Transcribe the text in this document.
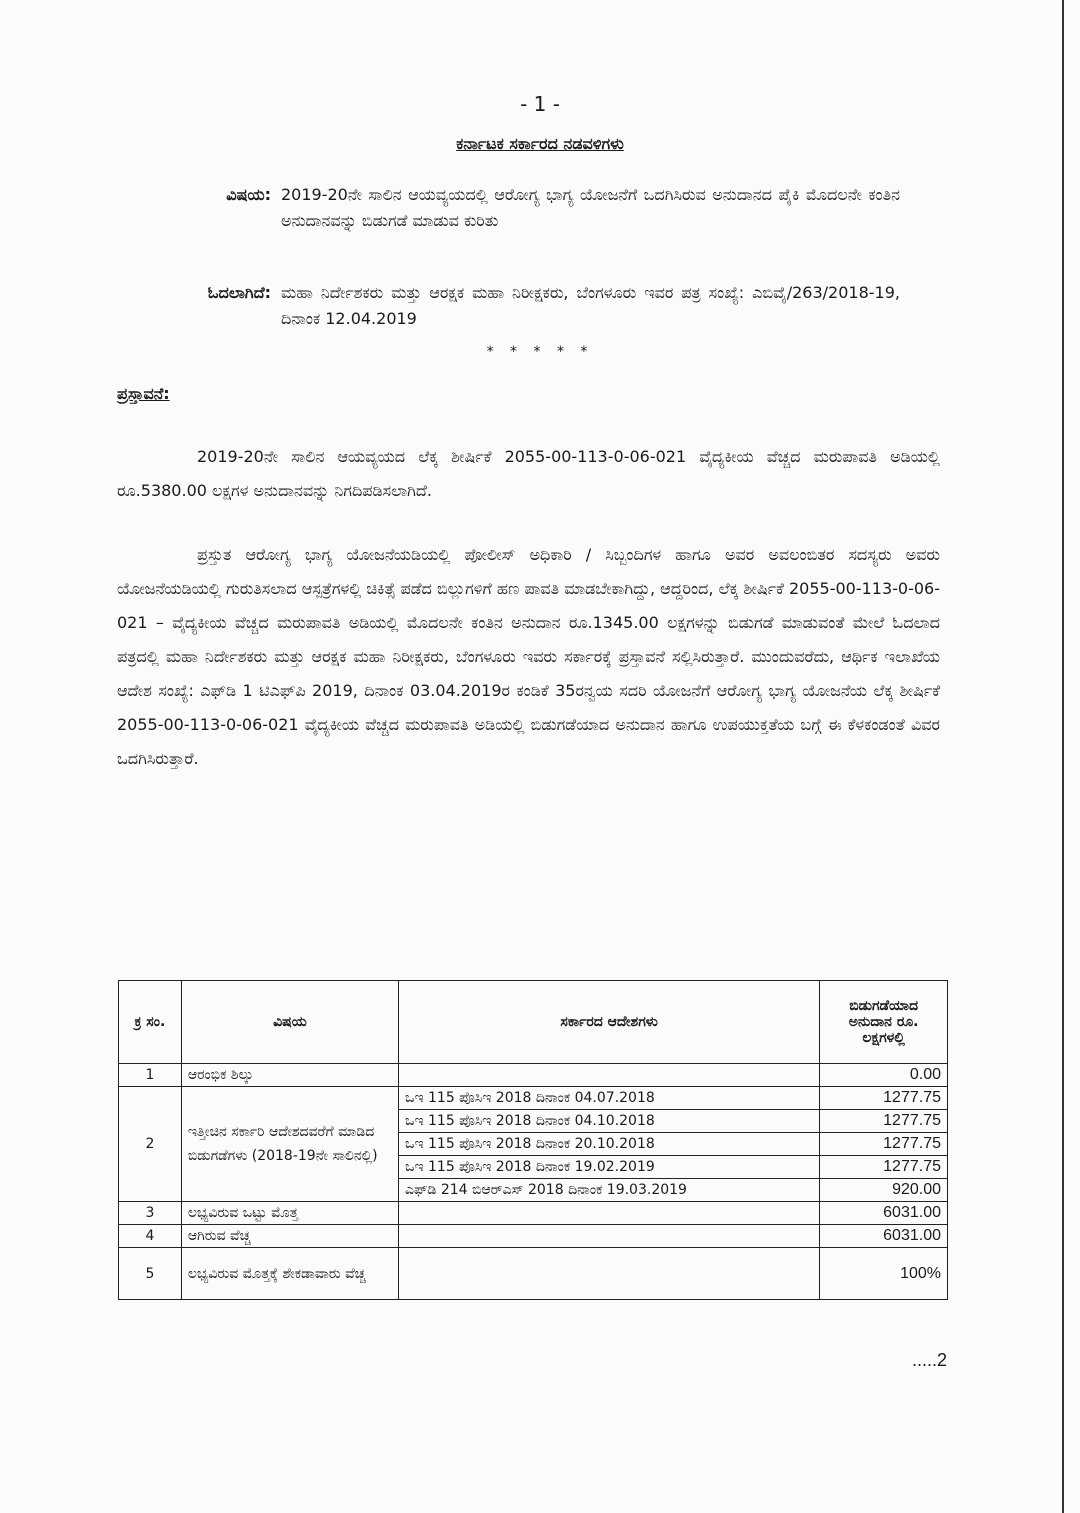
- 1 -
ಕರ್ನಾಟಕ ಸರ್ಕಾರದ ನಡವಳಿಗಳು
ವಿಷಯ: 2019-20ನೇ ಸಾಲಿನ ಆಯವ್ಯಯದಲ್ಲಿ ಆರೋಗ್ಯ ಭಾಗ್ಯ ಯೋಜನೆಗೆ ಒದಗಿಸಿರುವ ಅನುದಾನದ ಪೈಕಿ ಮೊದಲನೇ ಕಂತಿನ ಅನುದಾನವನ್ನು ಬಿಡುಗಡೆ ಮಾಡುವ ಕುರಿತು
ಓದಲಾಗಿದೆ: ಮಹಾ ನಿರ್ದೇಶಕರು ಮತ್ತು ಆರಕ್ಷಕ ಮಹಾ ನಿರೀಕ್ಷಕರು, ಬೆಂಗಳೂರು ಇವರ ಪತ್ರ ಸಂಖ್ಯೆ: ಎಬಿವೈ/263/2018-19, ದಿನಾಂಕ 12.04.2019
* * * * *
ಪ್ರಸ್ತಾವನೆ:
2019-20ನೇ ಸಾಲಿನ ಆಯವ್ಯಯದ ಲೆಕ್ಕ ಶೀರ್ಷಿಕೆ 2055-00-113-0-06-021 ವೈದ್ಯಕೀಯ ವೆಚ್ಚದ ಮರುಪಾವತಿ ಅಡಿಯಲ್ಲಿ ರೂ.5380.00 ಲಕ್ಷಗಳ ಅನುದಾನವನ್ನು ನಿಗದಿಪಡಿಸಲಾಗಿದೆ.
ಪ್ರಸ್ತುತ ಆರೋಗ್ಯ ಭಾಗ್ಯ ಯೋಜನೆಯಡಿಯಲ್ಲಿ ಪೋಲೀಸ್ ಅಧಿಕಾರಿ / ಸಿಬ್ಬಂದಿಗಳ ಹಾಗೂ ಅವರ ಅವಲಂಬಿತರ ಸದಸ್ಯರು ಅವರು ಯೋಜನೆಯಡಿಯಲ್ಲಿ ಗುರುತಿಸಲಾದ ಆಸ್ಪತ್ರೆಗಳಲ್ಲಿ ಚಿಕಿತ್ಸೆ ಪಡೆದ ಬಿಲ್ಲುಗಳಿಗೆ ಹಣ ಪಾವತಿ ಮಾಡಬೇಕಾಗಿದ್ದು, ಆದ್ದರಿಂದ, ಲೆಕ್ಕ ಶೀರ್ಷಿಕೆ 2055-00-113-0-06-021 – ವೈದ್ಯಕೀಯ ವೆಚ್ಚದ ಮರುಪಾವತಿ ಅಡಿಯಲ್ಲಿ ಮೊದಲನೇ ಕಂತಿನ ಅನುದಾನ ರೂ.1345.00 ಲಕ್ಷಗಳನ್ನು ಬಿಡುಗಡೆ ಮಾಡುವಂತೆ ಮೇಲೆ ಓದಲಾದ ಪತ್ರದಲ್ಲಿ ಮಹಾ ನಿರ್ದೇಶಕರು ಮತ್ತು ಆರಕ್ಷಕ ಮಹಾ ನಿರೀಕ್ಷಕರು, ಬೆಂಗಳೂರು ಇವರು ಸರ್ಕಾರಕ್ಕೆ ಪ್ರಸ್ತಾವನೆ ಸಲ್ಲಿಸಿರುತ್ತಾರೆ. ಮುಂದುವರೆದು, ಆರ್ಥಿಕ ಇಲಾಖೆಯ ಆದೇಶ ಸಂಖ್ಯೆ: ಎಫ್‌ಡಿ 1 ಟಿಎಫ್‌ಪಿ 2019, ದಿನಾಂಕ 03.04.2019ರ ಕಂಡಿಕೆ 35ರನ್ವಯ ಸದರಿ ಯೋಜನೆಗೆ ಆರೋಗ್ಯ ಭಾಗ್ಯ ಯೋಜನೆಯ ಲೆಕ್ಕ ಶೀರ್ಷಿಕೆ 2055-00-113-0-06-021 ವೈದ್ಯಕೀಯ ವೆಚ್ಚದ ಮರುಪಾವತಿ ಅಡಿಯಲ್ಲಿ ಬಿಡುಗಡೆಯಾದ ಅನುದಾನ ಹಾಗೂ ಉಪಯುಕ್ತತೆಯ ಬಗ್ಗೆ ಈ ಕೆಳಕಂಡಂತೆ ವಿವರ ಒದಗಿಸಿರುತ್ತಾರೆ.
ಕ್ರ ಸಂ.	ವಿಷಯ	ಸರ್ಕಾರದ ಆದೇಶಗಳು	ಬಿಡುಗಡೆಯಾದ ಅನುದಾನ ರೂ. ಲಕ್ಷಗಳಲ್ಲಿ
1	ಆರಂಭಿಕ ಶಿಲ್ಕು		0.00
2	ಇತ್ತೀಚಿನ ಸರ್ಕಾರಿ ಆದೇಶದವರೆಗೆ ಮಾಡಿದ ಬಿಡುಗಡೆಗಳು (2018-19ನೇ ಸಾಲಿನಲ್ಲಿ)	ಒಇ 115 ಪೊಸಿಇ 2018 ದಿನಾಂಕ 04.07.2018	1277.75
		ಒಇ 115 ಪೊಸಿಇ 2018 ದಿನಾಂಕ 04.10.2018	1277.75
		ಒಇ 115 ಪೊಸಿಇ 2018 ದಿನಾಂಕ 20.10.2018	1277.75
		ಒಇ 115 ಪೊಸಿಇ 2018 ದಿನಾಂಕ 19.02.2019	1277.75
		ಎಫ್‌ಡಿ 214 ಬಿಆರ್‌ಎಸ್ 2018 ದಿನಾಂಕ 19.03.2019	920.00
3	ಲಭ್ಯವಿರುವ ಒಟ್ಟು ಮೊತ್ತ		6031.00
4	ಆಗಿರುವ ವೆಚ್ಚ		6031.00
5	ಲಭ್ಯವಿರುವ ಮೊತ್ತಕ್ಕೆ ಶೇಕಡಾವಾರು ವೆಚ್ಚ		100%
.....2
